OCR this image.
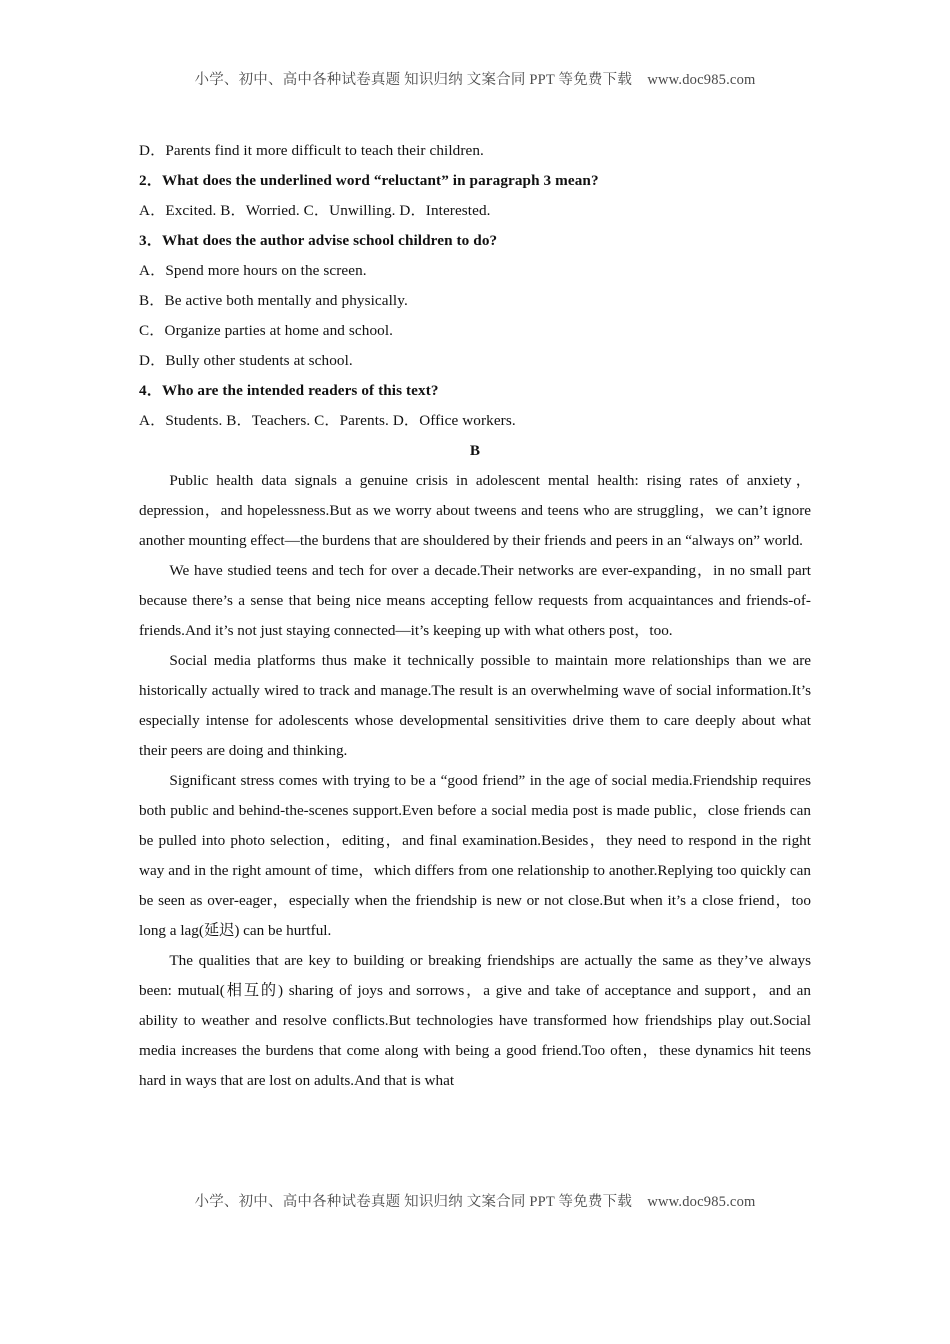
小学、初中、高中各种试卷真题 知识归纳 文案合同 PPT 等免费下载    www.doc985.com

D．Parents find it more difficult to teach their children.

2．What does the underlined word “reluctant” in paragraph 3 mean?

A．Excited. B．Worried. C．Unwilling. D．Interested.

3．What does the author advise school children to do?

A．Spend more hours on the screen.

B．Be active both mentally and physically.

C．Organize parties at home and school.

D．Bully other students at school.

4．Who are the intended readers of this text?

A．Students. B．Teachers. C．Parents. D．Office workers.

B

Public health data signals a genuine crisis in adolescent mental health: rising rates of anxiety，depression，and hopelessness.But as we worry about tweens and teens who are struggling，we can’t ignore another mounting effect—the burdens that are shouldered by their friends and peers in an “always on” world.

We have studied teens and tech for over a decade.Their networks are ever-expanding，in no small part because there’s a sense that being nice means accepting fellow requests from acquaintances and friends-of-friends.And it’s not just staying connected—it’s keeping up with what others post，too.

Social media platforms thus make it technically possible to maintain more relationships than we are historically actually wired to track and manage.The result is an overwhelming wave of social information.It’s especially intense for adolescents whose developmental sensitivities drive them to care deeply about what their peers are doing and thinking.

Significant stress comes with trying to be a “good friend” in the age of social media.Friendship requires both public and behind-the-scenes support.Even before a social media post is made public，close friends can be pulled into photo selection，editing，and final examination.Besides，they need to respond in the right way and in the right amount of time，which differs from one relationship to another.Replying too quickly can be seen as over-eager，especially when the friendship is new or not close.But when it’s a close friend，too long a lag(延迟) can be hurtful.

The qualities that are key to building or breaking friendships are actually the same as they’ve always been: mutual(相互的) sharing of joys and sorrows，a give and take of acceptance and support，and an ability to weather and resolve conflicts.But technologies have transformed how friendships play out.Social media increases the burdens that come along with being a good friend.Too often，these dynamics hit teens hard in ways that are lost on adults.And that is what

小学、初中、高中各种试卷真题 知识归纳 文案合同 PPT 等免费下载    www.doc985.com
